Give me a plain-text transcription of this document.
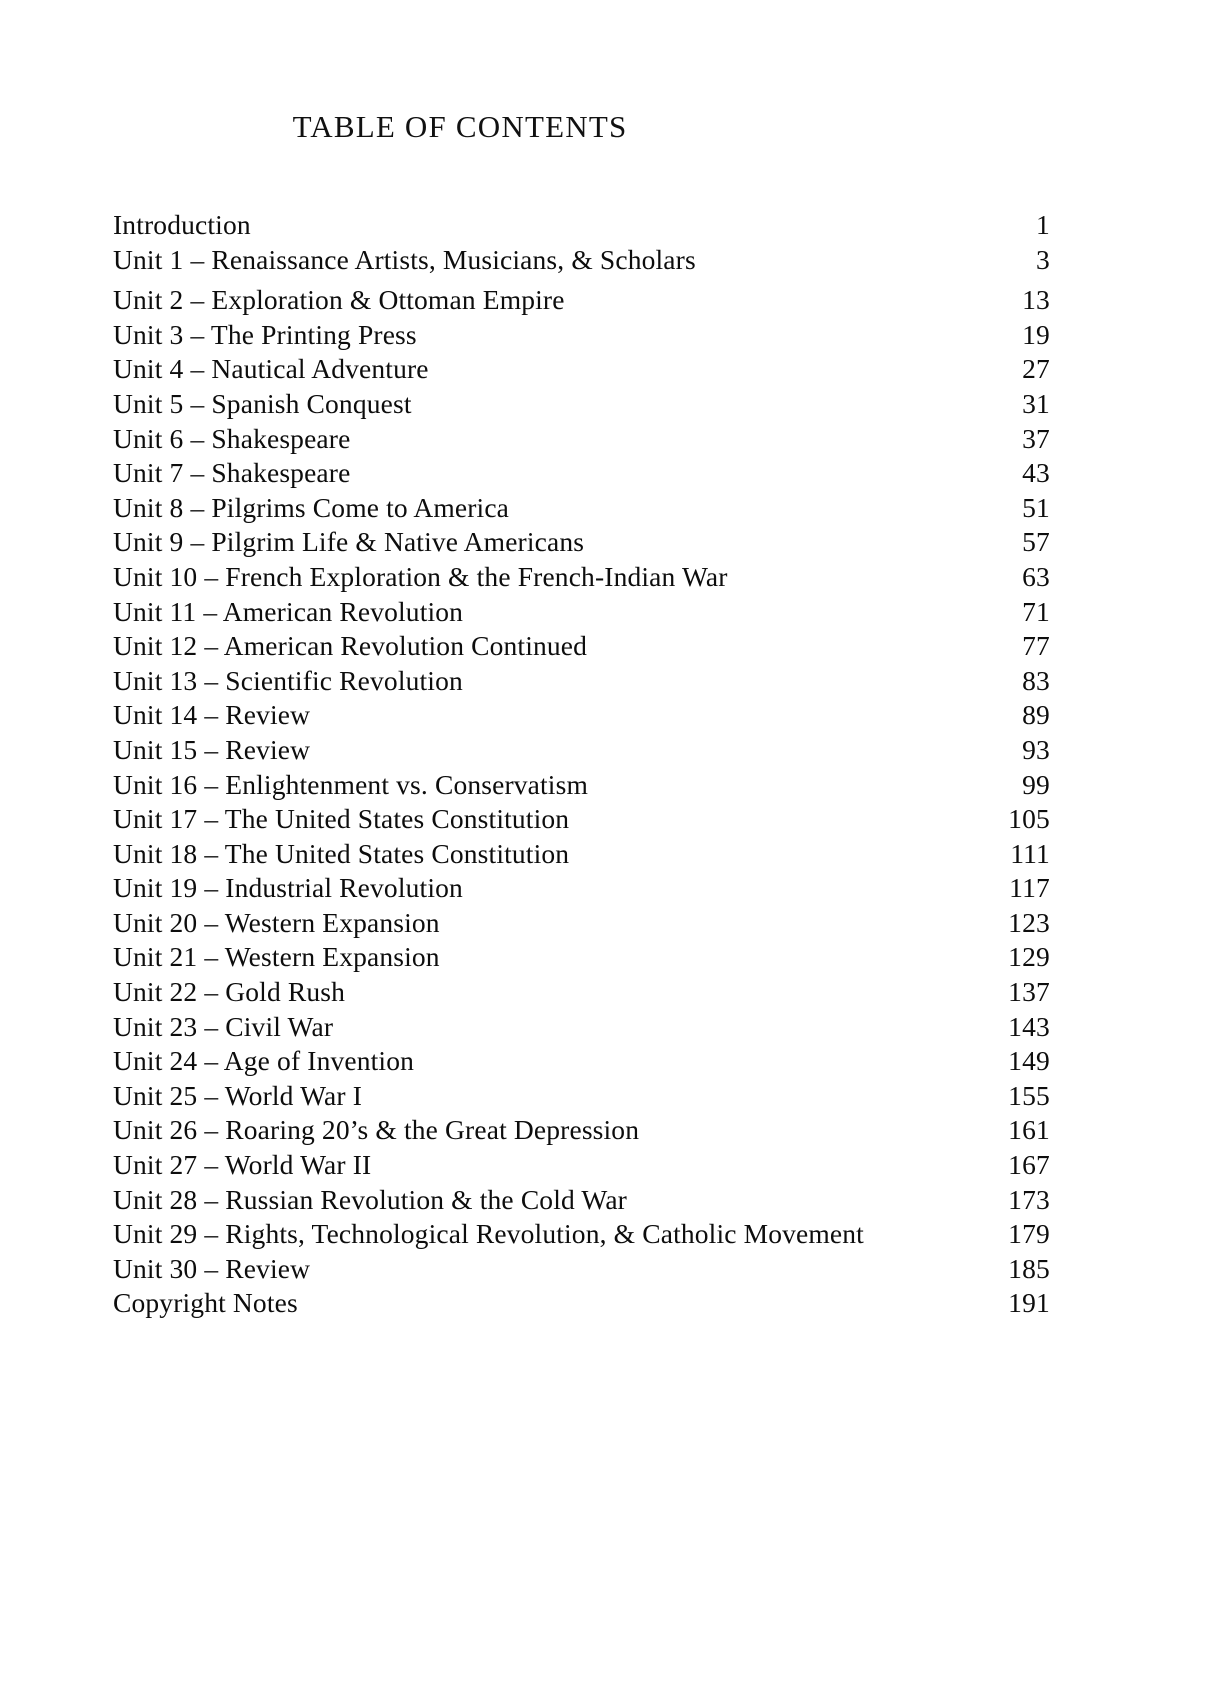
TABLE OF CONTENTS
Introduction	1
Unit 1 – Renaissance Artists, Musicians, & Scholars	3
Unit 2 – Exploration & Ottoman Empire	13
Unit 3 – The Printing Press	19
Unit 4 – Nautical Adventure	27
Unit 5 – Spanish Conquest	31
Unit 6 – Shakespeare	37
Unit 7 – Shakespeare	43
Unit 8 – Pilgrims Come to America	51
Unit 9 – Pilgrim Life & Native Americans	57
Unit 10 – French Exploration & the French-Indian War	63
Unit 11 – American Revolution	71
Unit 12 – American Revolution Continued	77
Unit 13 – Scientific Revolution	83
Unit 14 – Review	89
Unit 15 – Review	93
Unit 16 – Enlightenment vs. Conservatism	99
Unit 17 – The United States Constitution	105
Unit 18 – The United States Constitution	111
Unit 19 – Industrial Revolution	117
Unit 20 – Western Expansion	123
Unit 21 – Western Expansion	129
Unit 22 – Gold Rush	137
Unit 23 – Civil War	143
Unit 24 – Age of Invention	149
Unit 25 – World War I	155
Unit 26 – Roaring 20’s & the Great Depression	161
Unit 27 – World War II	167
Unit 28 – Russian Revolution & the Cold War	173
Unit 29 – Rights, Technological Revolution, & Catholic Movement	179
Unit 30 – Review	185
Copyright Notes	191
